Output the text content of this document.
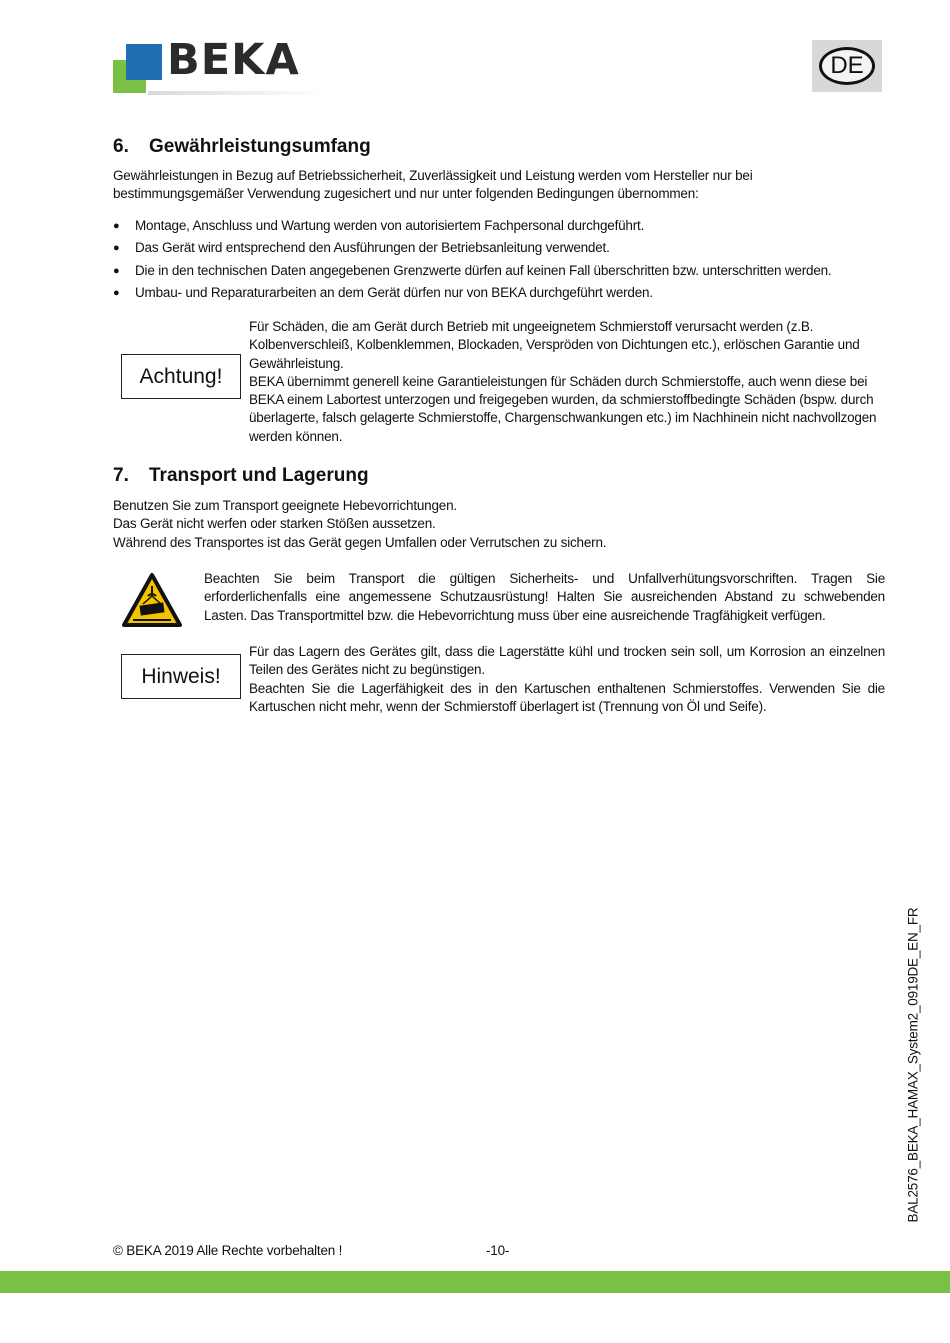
BEKA	DE
6. Gewährleistungsumfang
Gewährleistungen in Bezug auf Betriebssicherheit, Zuverlässigkeit und Leistung werden vom Hersteller nur bei bestimmungsgemäßer Verwendung zugesichert und nur unter folgenden Bedingungen übernommen:
● Montage, Anschluss und Wartung werden von autorisiertem Fachpersonal durchgeführt.
● Das Gerät wird entsprechend den Ausführungen der Betriebsanleitung verwendet.
● Die in den technischen Daten angegebenen Grenzwerte dürfen auf keinen Fall überschritten bzw. unterschritten werden.
● Umbau- und Reparaturarbeiten an dem Gerät dürfen nur von BEKA durchgeführt werden.
Achtung!
Für Schäden, die am Gerät durch Betrieb mit ungeeignetem Schmierstoff verursacht werden (z.B. Kolbenverschleiß, Kolbenklemmen, Blockaden, Verspröden von Dichtungen etc.), erlöschen Garantie und Gewährleistung.
BEKA übernimmt generell keine Garantieleistungen für Schäden durch Schmierstoffe, auch wenn diese bei BEKA einem Labortest unterzogen und freigegeben wurden, da schmierstoffbedingte Schäden (bspw. durch überlagerte, falsch gelagerte Schmierstoffe, Chargenschwankungen etc.) im Nachhinein nicht nachvollzogen werden können.
7. Transport und Lagerung
Benutzen Sie zum Transport geeignete Hebevorrichtungen.
Das Gerät nicht werfen oder starken Stößen aussetzen.
Während des Transportes ist das Gerät gegen Umfallen oder Verrutschen zu sichern.
Beachten Sie beim Transport die gültigen Sicherheits- und Unfallverhütungsvorschriften. Tragen Sie erforderlichenfalls eine angemessene Schutzausrüstung! Halten Sie ausreichenden Abstand zu schwebenden Lasten. Das Transportmittel bzw. die Hebevorrichtung muss über eine ausreichende Tragfähigkeit verfügen.
Hinweis!
Für das Lagern des Gerätes gilt, dass die Lagerstätte kühl und trocken sein soll, um Korrosion an einzelnen Teilen des Gerätes nicht zu begünstigen.
Beachten Sie die Lagerfähigkeit des in den Kartuschen enthaltenen Schmierstoffes. Verwenden Sie die Kartuschen nicht mehr, wenn der Schmierstoff überlagert ist (Trennung von Öl und Seife).
BAL2576_BEKA_HAMAX_System2_0919DE_EN_FR
© BEKA 2019 Alle Rechte vorbehalten !	-10-
